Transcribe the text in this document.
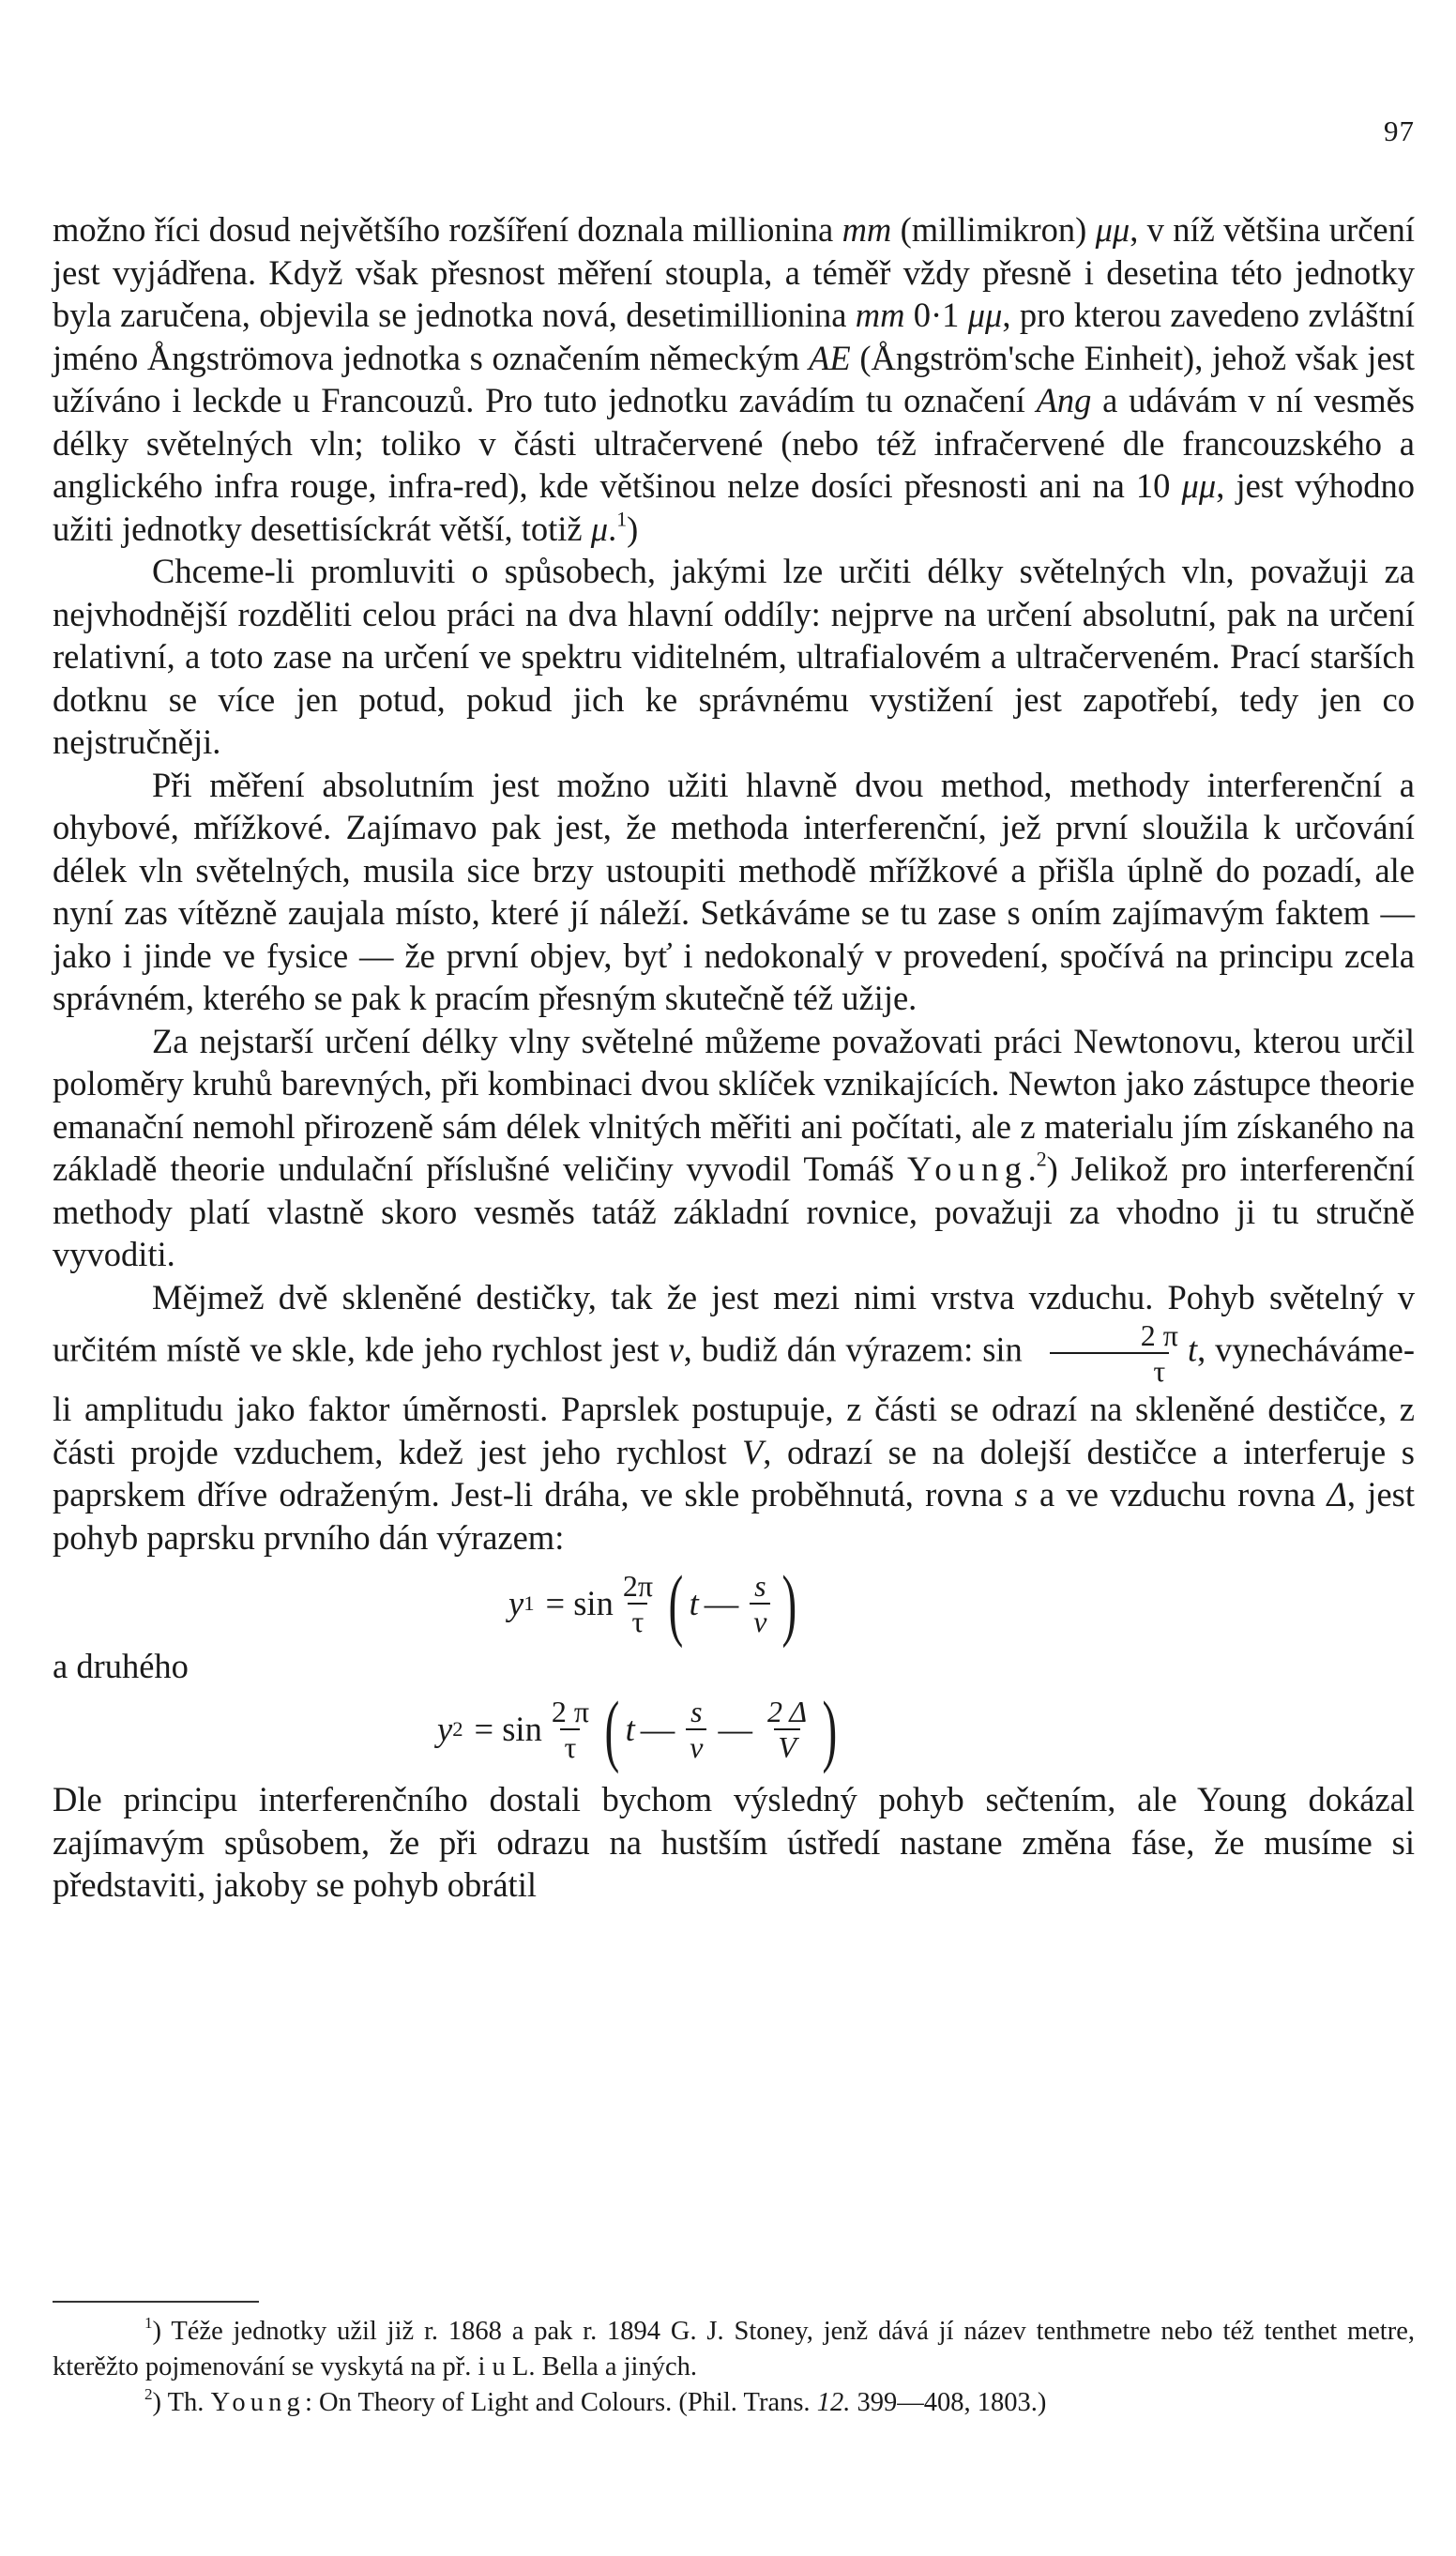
97

možno říci dosud největšího rozšíření doznala millionina mm (millimikron) μμ, v níž většina určení jest vyjádřena. Když však přesnost měření stoupla, a téměř vždy přesně i desetina této jednotky byla zaručena, objevila se jednotka nová, desetimillionina mm 0·1 μμ, pro kterou zavedeno zvláštní jméno Ångströmova jednotka s označením německým AE (Ångström'sche Einheit), jehož však jest užíváno i leckde u Francouzů. Pro tuto jednotku zavádím tu označení Ang a udávám v ní vesměs délky světelných vln; toliko v části ultračervené (nebo též infračervené dle francouzského a anglického infra rouge, infra-red), kde většinou nelze dosíci přesnosti ani na 10 μμ, jest výhodno užiti jednotky desettisíckrát větší, totiž μ.$^1$)

Chceme-li promluviti o spůsobech, jakými lze určiti délky světelných vln, považuji za nejvhodnější rozděliti celou práci na dva hlavní oddíly: nejprve na určení absolutní, pak na určení relativní, a toto zase na určení ve spektru viditelném, ultrafialovém a ultračerveném. Prací starších dotknu se více jen potud, pokud jich ke správnému vystižení jest zapotřebí, tedy jen co nejstručněji.

Při měření absolutním jest možno užiti hlavně dvou method, methody interferenční a ohybové, mřížkové. Zajímavo pak jest, že methoda interferenční, jež první sloužila k určování délek vln světelných, musila sice brzy ustoupiti methodě mřížkové a přišla úplně do pozadí, ale nyní zas vítězně zaujala místo, které jí náleží. Setkáváme se tu zase s oním zajímavým faktem — jako i jinde ve fysice — že první objev, byť i nedokonalý v provedení, spočívá na principu zcela správném, kterého se pak k pracím přesným skutečně též užije.

Za nejstarší určení délky vlny světelné můžeme považovati práci Newtonovu, kterou určil poloměry kruhů barevných, při kombinaci dvou sklíček vznikajících. Newton jako zástupce theorie emanační nemohl přirozeně sám délek vlnitých měřiti ani počítati, ale z materialu jím získaného na základě theorie undulační příslušné veličiny vyvodil Tomáš Young.$^2$) Jelikož pro interferenční methody platí vlastně skoro vesměs tatáž základní rovnice, považuji za vhodno ji tu stručně vyvoditi.

Mějmež dvě skleněné destičky, tak že jest mezi nimi vrstva vzduchu. Pohyb světelný v určitém místě ve skle, kde jeho rychlost jest v, budiž dán výrazem: $\sin \frac{2 \pi}{\tau} t$, vynecháváme-li amplitudu jako faktor úměrnosti. Paprslek postupuje, z části se odrazí na skleněné destičce, z části projde vzduchem, kdež jest jeho rychlost V, odrazí se na dolejší destičce a interferuje s paprskem dříve odraženým. Jest-li dráha, ve skle proběhnutá, rovna s a ve vzduchu rovna Δ, jest pohyb paprsku prvního dán výrazem:

y $1 = \sin \frac{2\pi}{\tau}$ ( t — $\frac{s}{v}$ )
a druhého
y $2 = \sin \frac{2 \pi}{\tau}$ ( t — $\frac{s}{v}$ — $\frac{2 \Delta}{V}$ )

Dle principu interferenčního dostali bychom výsledný pohyb sečtením, ale Young dokázal zajímavým spůsobem, že při odrazu na hustším ústředí nastane změna fáse, že musíme si představiti, jakoby se pohyb obrátil

$^1$) Téže jednotky užil již r. 1868 a pak r. 1894 G. J. Stoney, jenž dává jí název tenthmetre nebo též tenthet metre, kterěžto pojmenování se vyskytá na př. i u L. Bella a jiných.

$^2$) Th. Young: On Theory of Light and Colours. (Phil. Trans. 12. 399—408, 1803.)
